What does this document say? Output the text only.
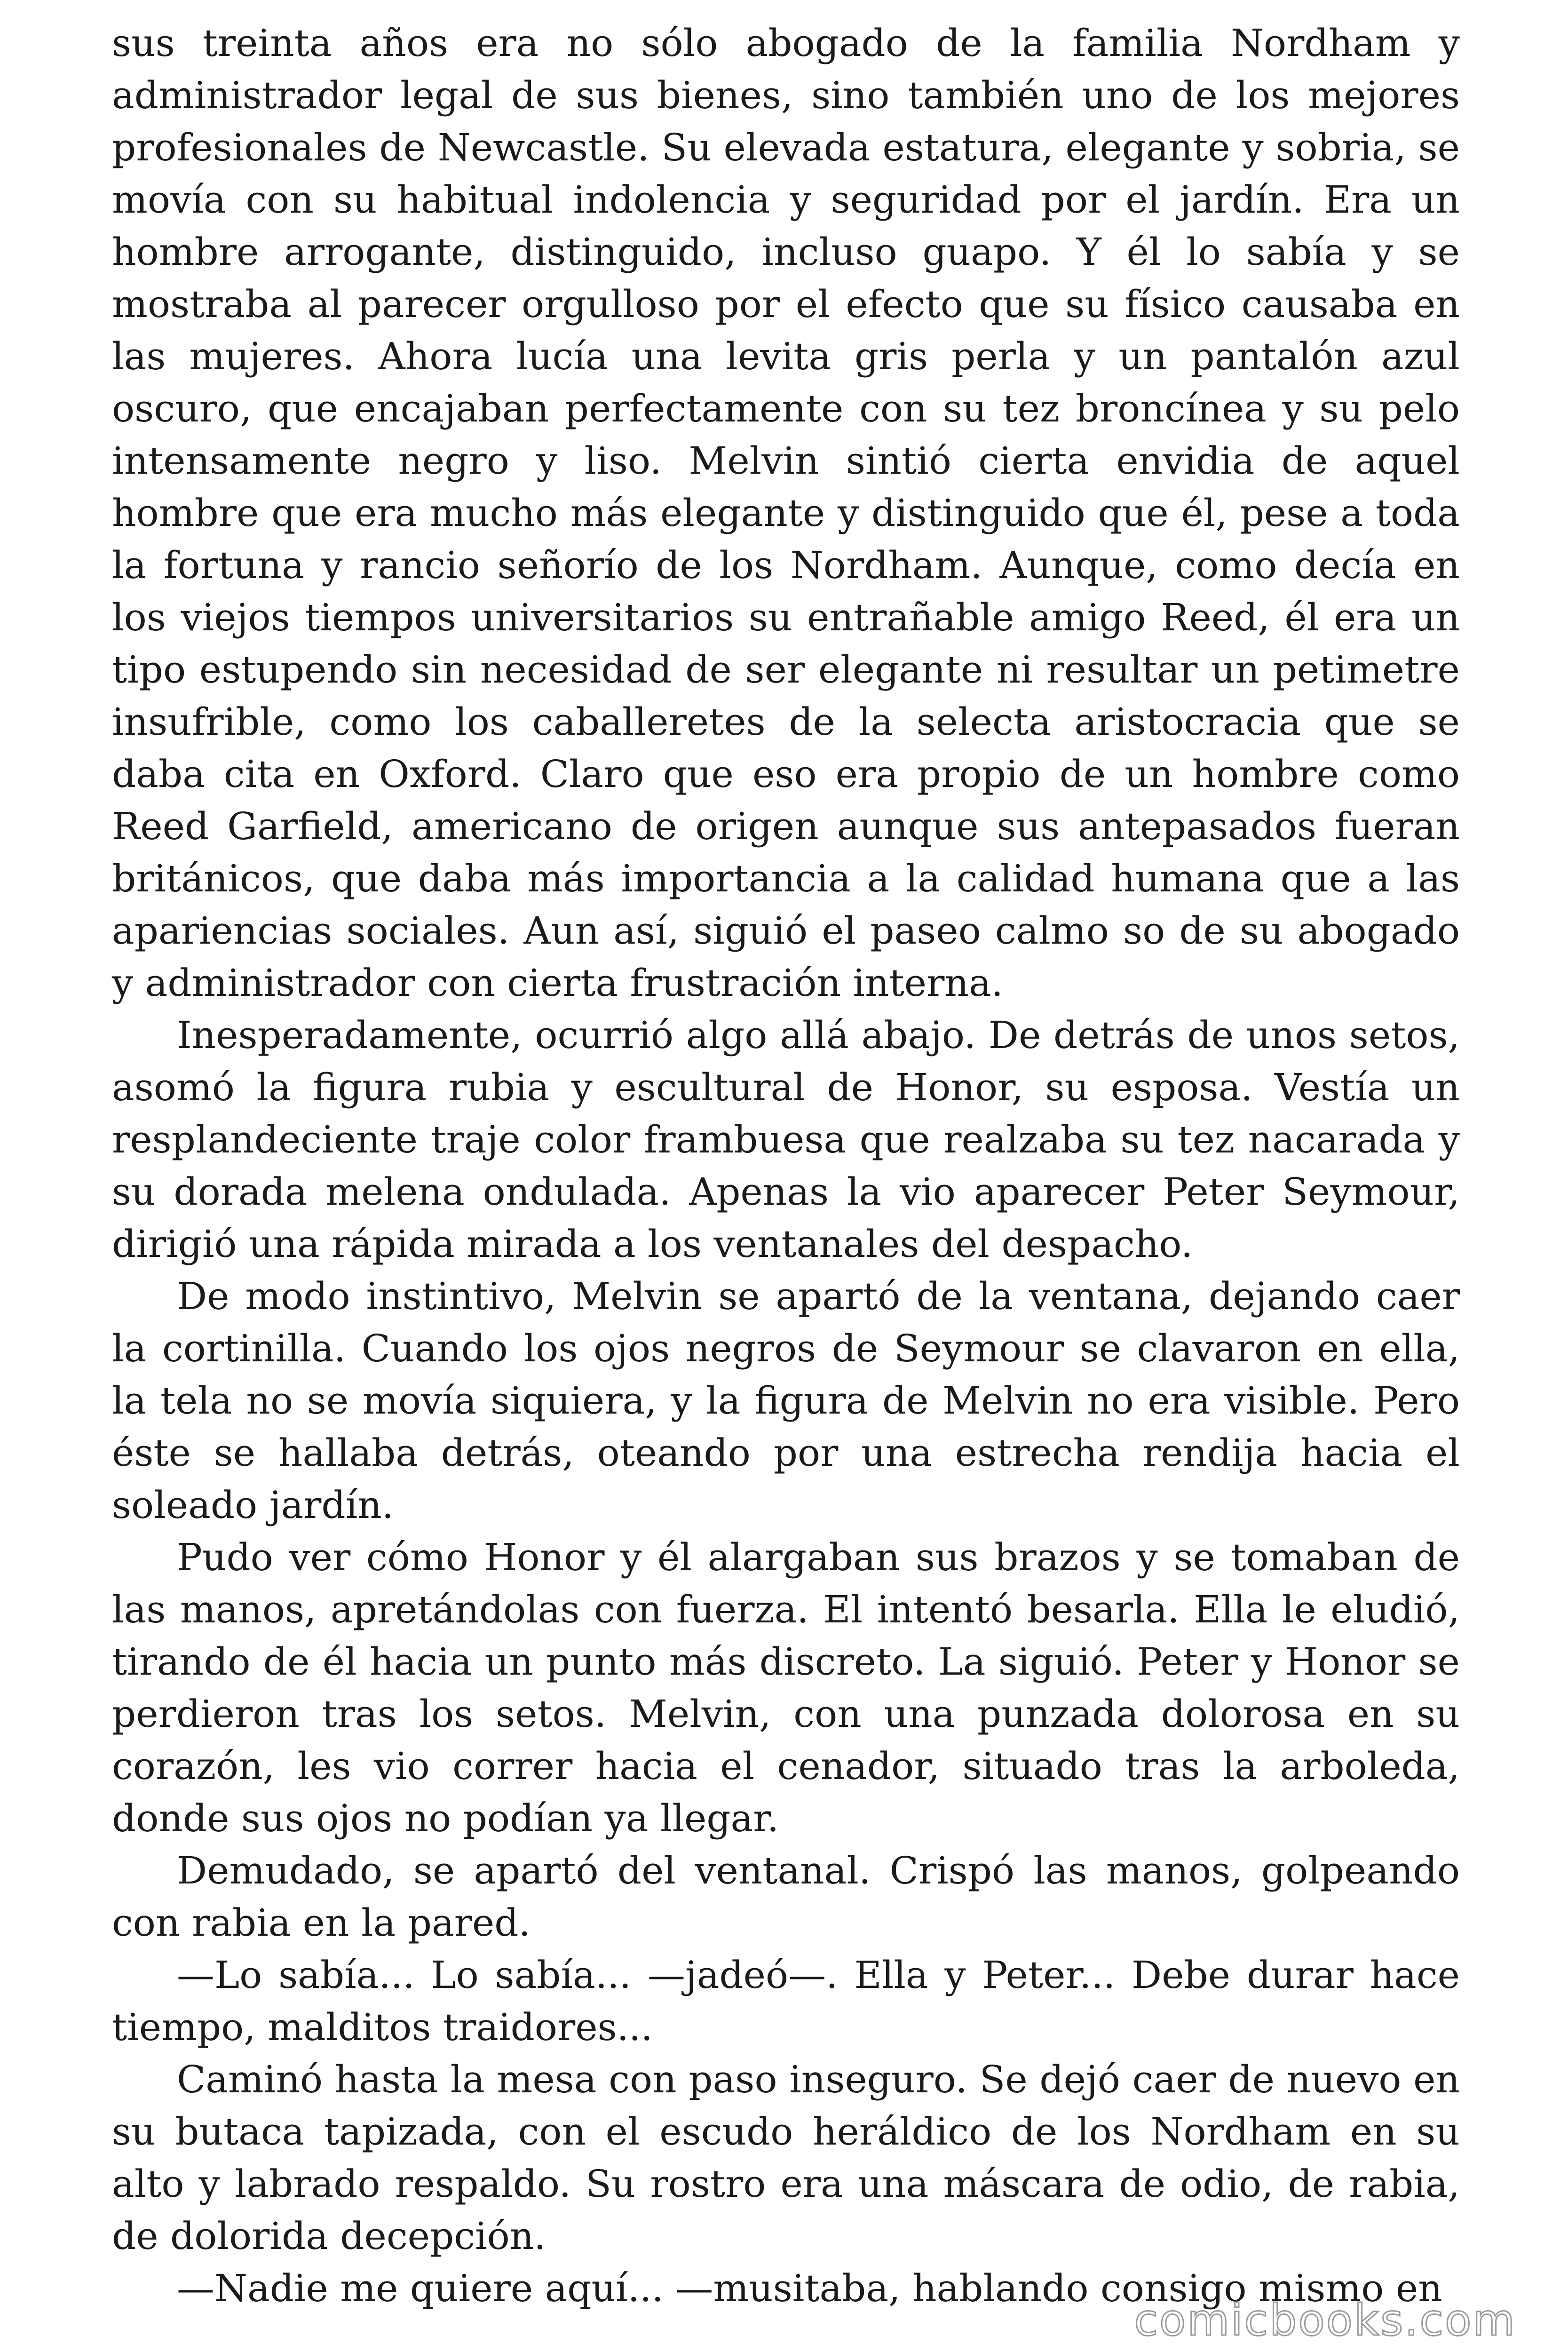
sus treinta años era no sólo abogado de la familia Nordham y administrador legal de sus bienes, sino también uno de los mejores profesionales de Newcastle. Su elevada estatura, elegante y sobria, se movía con su habitual indolencia y seguridad por el jardín. Era un hombre arrogante, distinguido, incluso guapo. Y él lo sabía y se mostraba al parecer orgulloso por el efecto que su físico causaba en las mujeres. Ahora lucía una levita gris perla y un pantalón azul oscuro, que encajaban perfectamente con su tez broncínea y su pelo intensamente negro y liso. Melvin sintió cierta envidia de aquel hombre que era mucho más elegante y distinguido que él, pese a toda la fortuna y rancio señorío de los Nordham. Aunque, como decía en los viejos tiempos universitarios su entrañable amigo Reed, él era un tipo estupendo sin necesidad de ser elegante ni resultar un petimetre insufrible, como los caballeretes de la selecta aristocracia que se daba cita en Oxford. Claro que eso era propio de un hombre como Reed Garfield, americano de origen aunque sus antepasados fueran británicos, que daba más importancia a la calidad humana que a las apariencias sociales. Aun así, siguió el paseo calmo so de su abogado y administrador con cierta frustración interna.

Inesperadamente, ocurrió algo allá abajo. De detrás de unos setos, asomó la figura rubia y escultural de Honor, su esposa. Vestía un resplandeciente traje color frambuesa que realzaba su tez nacarada y su dorada melena ondulada. Apenas la vio aparecer Peter Seymour, dirigió una rápida mirada a los ventanales del despacho.

De modo instintivo, Melvin se apartó de la ventana, dejando caer la cortinilla. Cuando los ojos negros de Seymour se clavaron en ella, la tela no se movía siquiera, y la figura de Melvin no era visible. Pero éste se hallaba detrás, oteando por una estrecha rendija hacia el soleado jardín.

Pudo ver cómo Honor y él alargaban sus brazos y se tomaban de las manos, apretándolas con fuerza. El intentó besarla. Ella le eludió, tirando de él hacia un punto más discreto. La siguió. Peter y Honor se perdieron tras los setos. Melvin, con una punzada dolorosa en su corazón, les vio correr hacia el cenador, situado tras la arboleda, donde sus ojos no podían ya llegar.

Demudado, se apartó del ventanal. Crispó las manos, golpeando con rabia en la pared.

—Lo sabía... Lo sabía... —jadeó—. Ella y Peter... Debe durar hace tiempo, malditos traidores...

Caminó hasta la mesa con paso inseguro. Se dejó caer de nuevo en su butaca tapizada, con el escudo heráldico de los Nordham en su alto y labrado respaldo. Su rostro era una máscara de odio, de rabia, de dolorida decepción.

—Nadie me quiere aquí... —musitaba, hablando consigo mismo en

comicbooks.com
